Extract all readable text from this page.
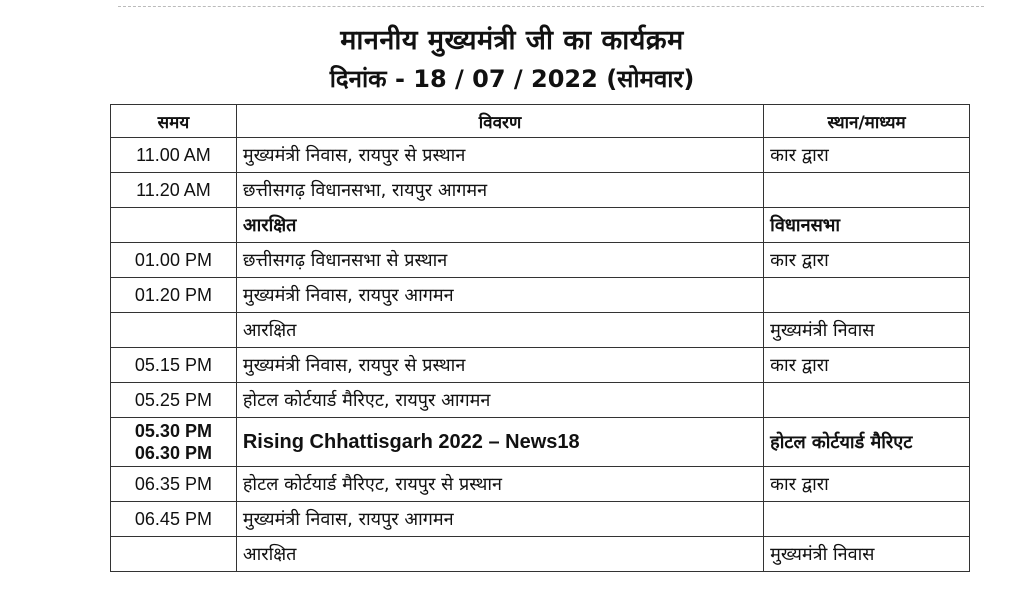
माननीय मुख्यमंत्री जी का कार्यक्रम
दिनांक - 18 / 07 / 2022 (सोमवार)
समय	विवरण	स्थान/माध्यम
11.00 AM	मुख्यमंत्री निवास, रायपुर से प्रस्थान	कार द्वारा
11.20 AM	छत्तीसगढ़ विधानसभा, रायपुर आगमन	
	आरक्षित	विधानसभा
01.00 PM	छत्तीसगढ़ विधानसभा से प्रस्थान	कार द्वारा
01.20 PM	मुख्यमंत्री निवास, रायपुर आगमन	
	आरक्षित	मुख्यमंत्री निवास
05.15 PM	मुख्यमंत्री निवास, रायपुर से प्रस्थान	कार द्वारा
05.25 PM	होटल कोर्टयार्ड मैरिएट, रायपुर आगमन	

05.30 PM
06.30 PM	Rising Chhattisgarh 2022 – News18	होटल कोर्टयार्ड मैरिएट
06.35 PM	होटल कोर्टयार्ड मैरिएट, रायपुर से प्रस्थान	कार द्वारा
06.45 PM	मुख्यमंत्री निवास, रायपुर आगमन	
	आरक्षित	मुख्यमंत्री निवास
